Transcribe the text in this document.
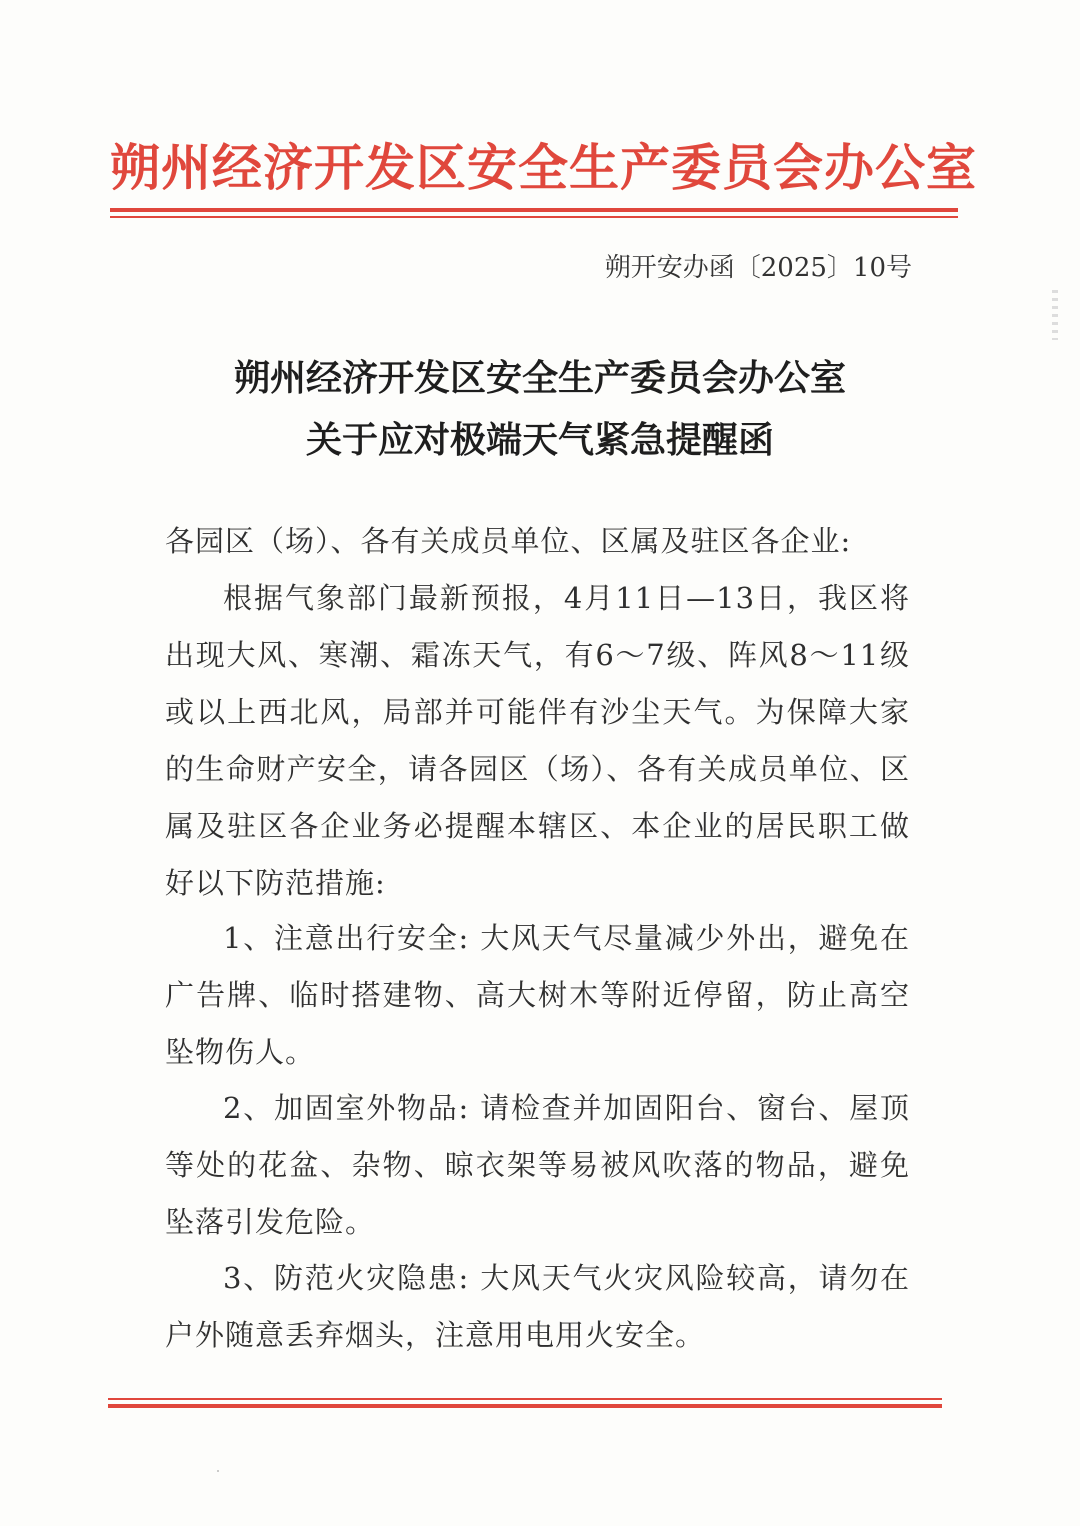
朔州经济开发区安全生产委员会办公室
朔开安办函〔2025〕10号
朔州经济开发区安全生产委员会办公室
关于应对极端天气紧急提醒函
各园区（场）、各有关成员单位、区属及驻区各企业:

根据气象部门最新预报，4月11日—13日，我区将出现大风、寒潮、霜冻天气，有6～7级、阵风8～11级或以上西北风，局部并可能伴有沙尘天气。为保障大家的生命财产安全，请各园区（场）、各有关成员单位、区属及驻区各企业务必提醒本辖区、本企业的居民职工做好以下防范措施:

1、注意出行安全: 大风天气尽量减少外出，避免在广告牌、临时搭建物、高大树木等附近停留，防止高空坠物伤人。

2、加固室外物品: 请检查并加固阳台、窗台、屋顶等处的花盆、杂物、晾衣架等易被风吹落的物品，避免坠落引发危险。

3、防范火灾隐患: 大风天气火灾风险较高，请勿在户外随意丢弃烟头，注意用电用火安全。
